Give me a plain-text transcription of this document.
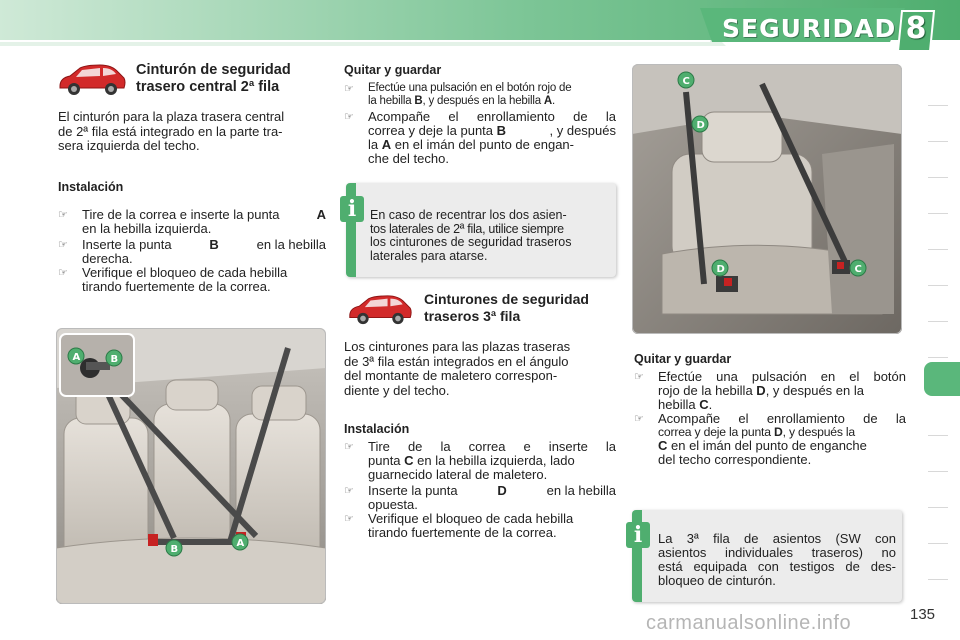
SEGURIDAD 8
Cinturón de seguridad
trasero central 2ª fila
El cinturón para la plaza trasera central
de 2ª fila está integrado en la parte tra-
sera izquierda del techo.
Instalación
☞ Tire de la correa e inserte la punta	A
en la hebilla izquierda.
☞ Inserte la punta	B	en la hebilla
derecha.
☞ Verifique el bloqueo de cada hebilla
tirando fuertemente de la correa.
Quitar y guardar
☞ Efectúe una pulsación en el botón rojo de
la hebilla B, y después en la hebilla A.
☞ Acompañe el enrollamiento de la
correa y deje la punta B	, y después
la A en el imán del punto de engan-
che del techo.
En caso de recentrar los dos asien-
tos laterales de 2ª fila, utilice siempre
los cinturones de seguridad traseros
laterales para atarse.
i
Cinturones de seguridad
traseros 3ª fila
Los cinturones para las plazas traseras
de 3ª fila están integrados en el ángulo
del montante de maletero correspon-
diente y del techo.
Instalación
☞ Tire de la correa e inserte la
punta C en la hebilla izquierda, lado
guarnecido lateral de maletero.
☞ Inserte la punta	D	en la hebilla
opuesta.
☞ Verifique el bloqueo de cada hebilla
tirando fuertemente de la correa.
Quitar y guardar
☞ Efectúe una pulsación en el botón
rojo de la hebilla D, y después en la
hebilla C.
☞ Acompañe el enrollamiento de la
correa y deje la punta D, y después la
C en el imán del punto de enganche
del techo correspondiente.
La 3ª fila de asientos (SW con
asientos individuales traseros) no
está equipada con testigos de des-
bloqueo de cinturón.
i
A	B
B
A
C
D
D	C
carmanualsonline.info	135
